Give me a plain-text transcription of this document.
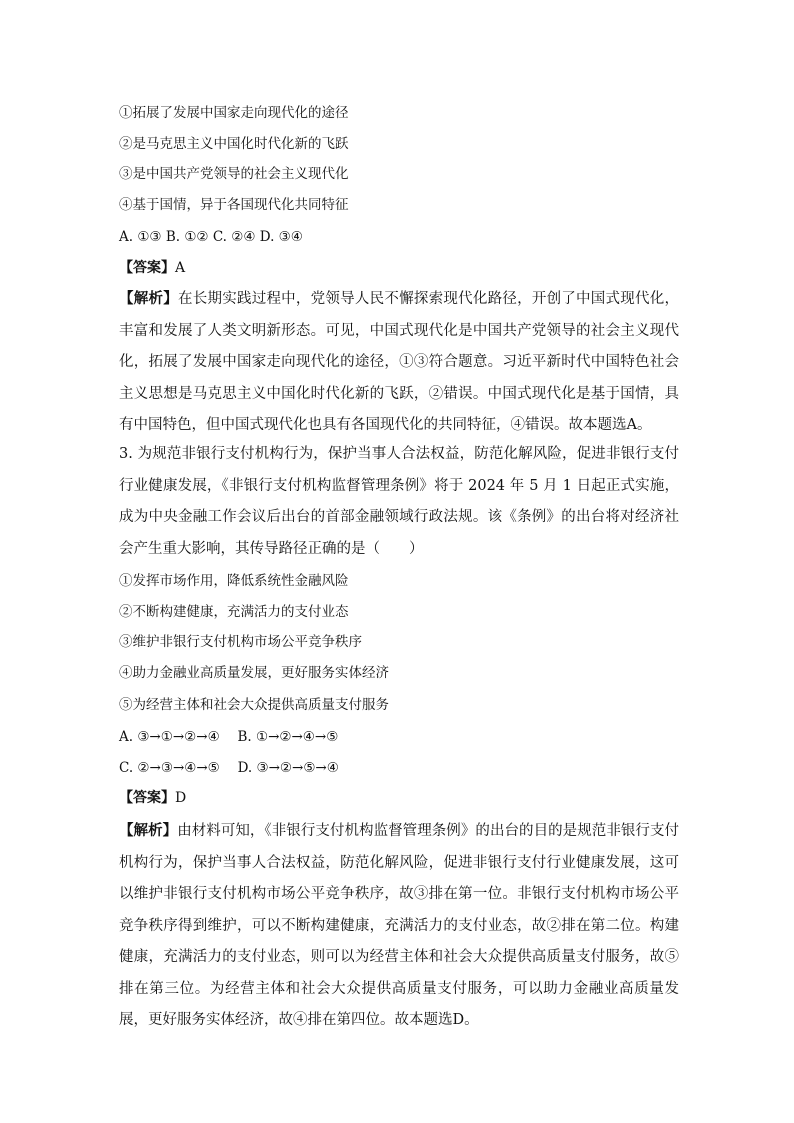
①拓展了发展中国家走向现代化的途径
②是马克思主义中国化时代化新的飞跃
③是中国共产党领导的社会主义现代化
④基于国情，异于各国现代化共同特征
A. ①③ B. ①② C. ②④ D. ③④
【答案】A
【解析】在长期实践过程中，党领导人民不懈探索现代化路径，开创了中国式现代化，丰富和发展了人类文明新形态。可见，中国式现代化是中国共产党领导的社会主义现代化，拓展了发展中国家走向现代化的途径，①③符合题意。习近平新时代中国特色社会主义思想是马克思主义中国化时代化新的飞跃，②错误。中国式现代化是基于国情，具有中国特色，但中国式现代化也具有各国现代化的共同特征，④错误。故本题选A。
3. 为规范非银行支付机构行为，保护当事人合法权益，防范化解风险，促进非银行支付行业健康发展，《非银行支付机构监督管理条例》将于 2024 年 5 月 1 日起正式实施，成为中央金融工作会议后出台的首部金融领域行政法规。该《条例》的出台将对经济社会产生重大影响，其传导路径正确的是（　　）
①发挥市场作用，降低系统性金融风险
②不断构建健康，充满活力的支付业态
③维护非银行支付机构市场公平竞争秩序
④助力金融业高质量发展，更好服务实体经济
⑤为经营主体和社会大众提供高质量支付服务
A. ③→①→②→④　 B. ①→②→④→⑤
C. ②→③→④→⑤　 D. ③→②→⑤→④
【答案】D
【解析】由材料可知，《非银行支付机构监督管理条例》的出台的目的是规范非银行支付机构行为，保护当事人合法权益，防范化解风险，促进非银行支付行业健康发展，这可以维护非银行支付机构市场公平竞争秩序，故③排在第一位。非银行支付机构市场公平竞争秩序得到维护，可以不断构建健康，充满活力的支付业态，故②排在第二位。构建健康，充满活力的支付业态，则可以为经营主体和社会大众提供高质量支付服务，故⑤排在第三位。为经营主体和社会大众提供高质量支付服务，可以助力金融业高质量发展，更好服务实体经济，故④排在第四位。故本题选D。
